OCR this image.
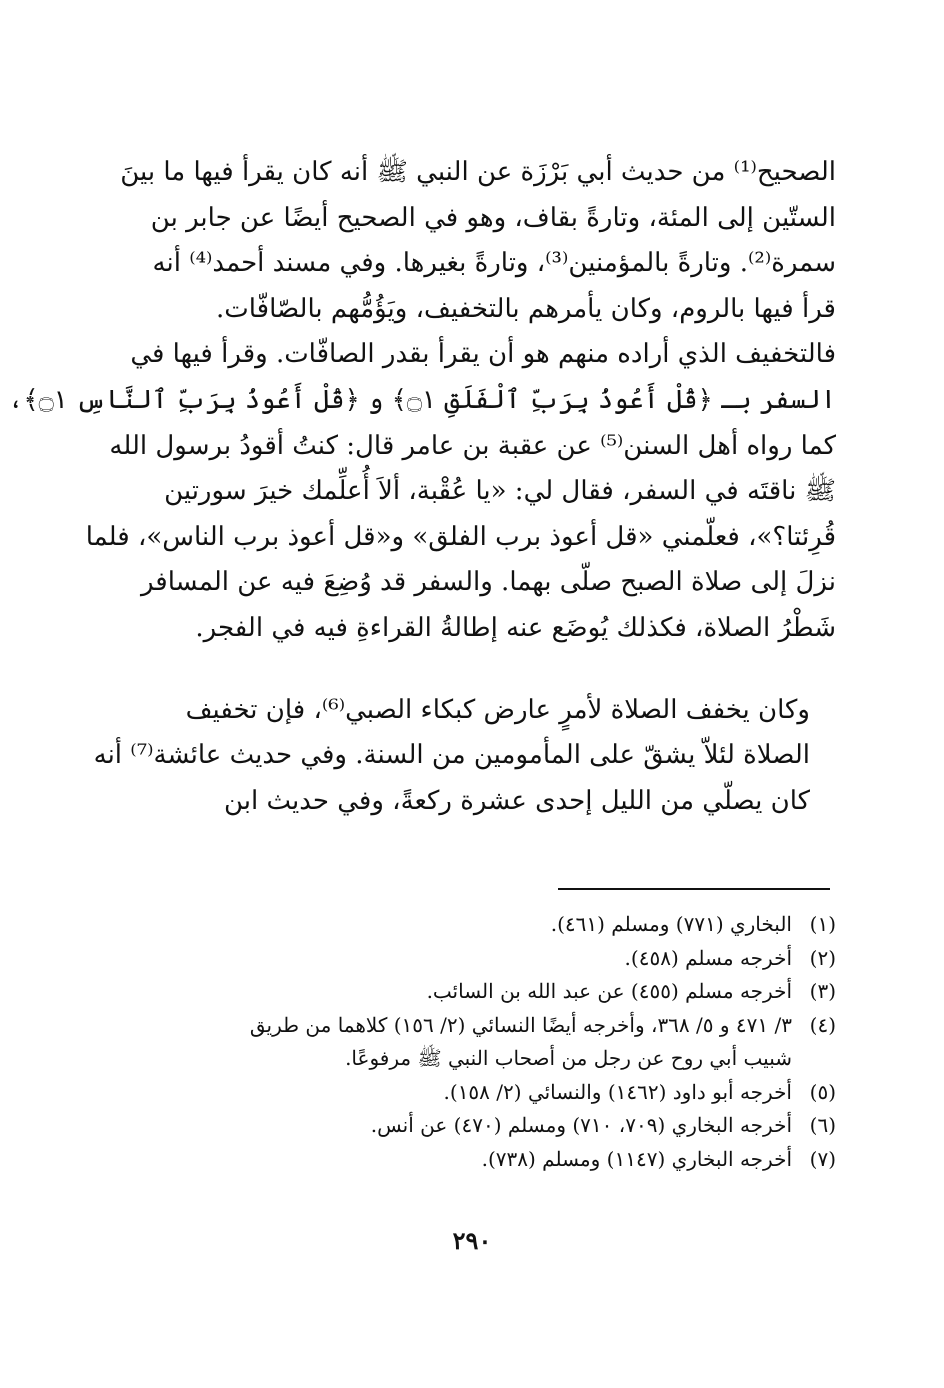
الصحيح⁽¹⁾ من حديث أبي بَرْزَة عن النبي ﷺ أنه كان يقرأ فيها ما بينَ
الستّين إلى المئة، وتارةً بقاف، وهو في الصحيح أيضًا عن جابر بن
سمرة⁽²⁾. وتارةً بالمؤمنين⁽³⁾، وتارةً بغيرها. وفي مسند أحمد⁽⁴⁾ أنه
قرأ فيها بالروم، وكان يأمرهم بالتخفيف، ويَؤُمُّهم بالصّافّات.
فالتخفيف الذي أراده منهم هو أن يقرأ بقدر الصافّات. وقرأ فيها في
السفر بـ ﴿قُلْ أَعُوذُ بِرَبِّ ٱلْفَلَقِ ۝١﴾ و ﴿قُلْ أَعُوذُ بِرَبِّ ٱلنَّاسِ ۝١﴾،
كما رواه أهل السنن⁽⁵⁾ عن عقبة بن عامر قال: كنتُ أقودُ برسول الله
ﷺ ناقتَه في السفر، فقال لي: «يا عُقْبة، ألاَ أُعلِّمك خيرَ سورتين
قُرِئتا؟»، فعلّمني «قل أعوذ برب الفلق» و«قل أعوذ برب الناس»، فلما
نزلَ إلى صلاة الصبح صلّى بهما. والسفر قد وُضِعَ فيه عن المسافر
شَطْرُ الصلاة، فكذلك يُوضَع عنه إطالةُ القراءةِ فيه في الفجر.

وكان يخفف الصلاة لأمرٍ عارض كبكاء الصبي⁽⁶⁾، فإن تخفيف
الصلاة لئلاّ يشقّ على المأمومين من السنة. وفي حديث عائشة⁽⁷⁾ أنه
كان يصلّي من الليل إحدى عشرة ركعةً، وفي حديث ابن

(١)
البخاري (٧٧١) ومسلم (٤٦١).
(٢)
أخرجه مسلم (٤٥٨).
(٣)
أخرجه مسلم (٤٥٥) عن عبد الله بن السائب.
(٤)
٣/ ٤٧١ و ٥/ ٣٦٨، وأخرجه أيضًا النسائي (٢/ ١٥٦) كلاهما من طريق
شبيب أبي روح عن رجل من أصحاب النبي ﷺ مرفوعًا.
(٥)
أخرجه أبو داود (١٤٦٢) والنسائي (٢/ ١٥٨).
(٦)
أخرجه البخاري (٧٠٩، ٧١٠) ومسلم (٤٧٠) عن أنس.
(٧)
أخرجه البخاري (١١٤٧) ومسلم (٧٣٨).
٢٩٠
